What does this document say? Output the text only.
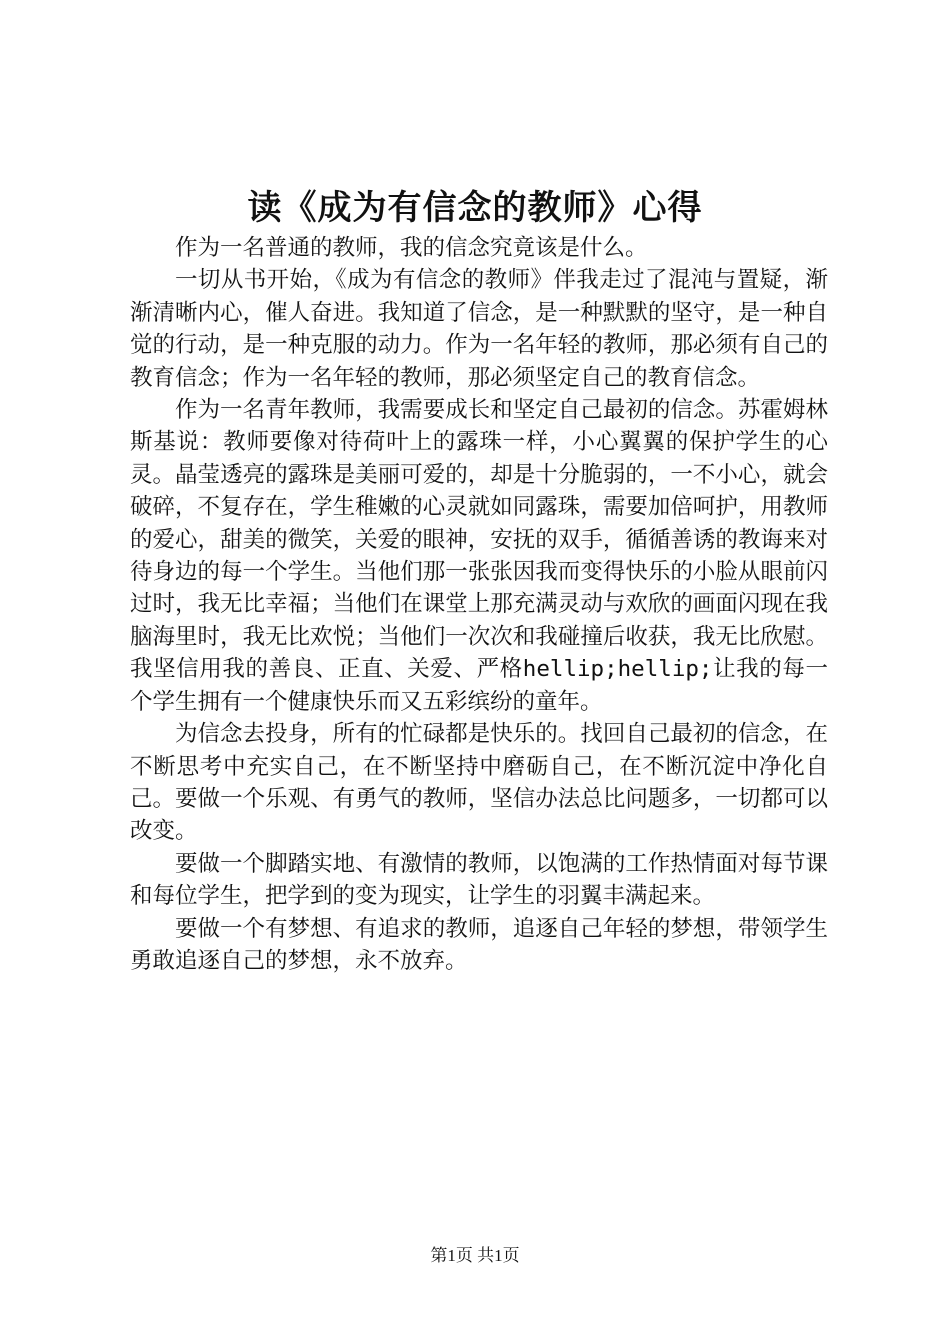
读《成为有信念的教师》心得

作为一名普通的教师，我的信念究竟该是什么。

一切从书开始，《成为有信念的教师》伴我走过了混沌与置疑，渐渐清晰内心，催人奋进。我知道了信念，是一种默默的坚守，是一种自觉的行动，是一种克服的动力。作为一名年轻的教师，那必须有自己的教育信念；作为一名年轻的教师，那必须坚定自己的教育信念。

作为一名青年教师，我需要成长和坚定自己最初的信念。苏霍姆林斯基说：教师要像对待荷叶上的露珠一样，小心翼翼的保护学生的心灵。晶莹透亮的露珠是美丽可爱的，却是十分脆弱的，一不小心，就会破碎，不复存在，学生稚嫩的心灵就如同露珠，需要加倍呵护，用教师的爱心，甜美的微笑，关爱的眼神，安抚的双手，循循善诱的教诲来对待身边的每一个学生。当他们那一张张因我而变得快乐的小脸从眼前闪过时，我无比幸福；当他们在课堂上那充满灵动与欢欣的画面闪现在我脑海里时，我无比欢悦；当他们一次次和我碰撞后收获，我无比欣慰。我坚信用我的善良、正直、关爱、严格hellip;hellip;让我的每一个学生拥有一个健康快乐而又五彩缤纷的童年。

为信念去投身，所有的忙碌都是快乐的。找回自己最初的信念，在不断思考中充实自己，在不断坚持中磨砺自己，在不断沉淀中净化自己。要做一个乐观、有勇气的教师，坚信办法总比问题多，一切都可以改变。

要做一个脚踏实地、有激情的教师，以饱满的工作热情面对每节课和每位学生，把学到的变为现实，让学生的羽翼丰满起来。

要做一个有梦想、有追求的教师，追逐自己年轻的梦想，带领学生勇敢追逐自己的梦想，永不放弃。

第1页 共1页
